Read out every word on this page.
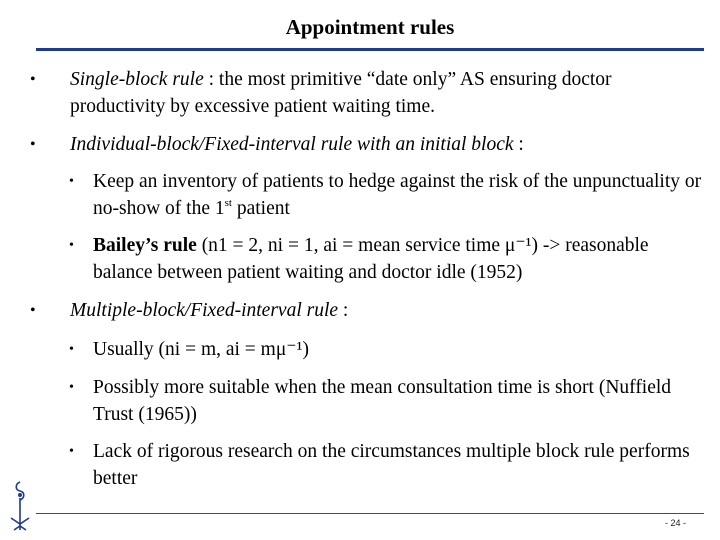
Appointment rules
• Single-block rule : the most primitive “date only” AS ensuring doctor productivity by excessive patient waiting time.
• Individual-block/Fixed-interval rule with an initial block :
• Keep an inventory of patients to hedge against the risk of the unpunctuality or no-show of the 1st patient
• Bailey’s rule (n1 = 2, ni = 1, ai = mean service time μ⁻¹) -> reasonable balance between patient waiting and doctor idle (1952)
• Multiple-block/Fixed-interval rule :
• Usually (ni = m, ai = mμ⁻¹)
• Possibly more suitable when the mean consultation time is short (Nuffield Trust (1965))
• Lack of rigorous research on the circumstances multiple block rule performs better
- 24 -
